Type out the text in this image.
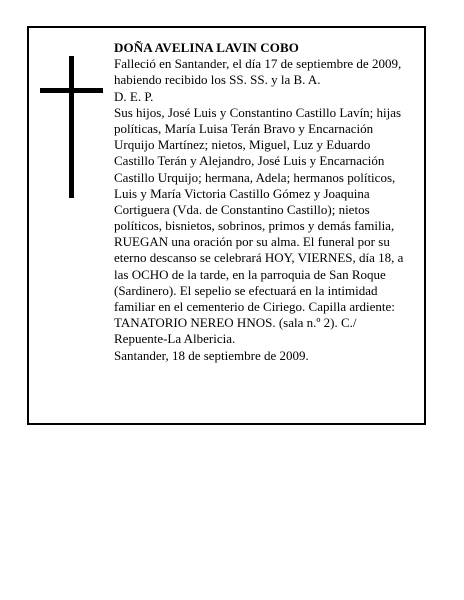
DOÑA AVELINA LAVIN COBO
Falleció en Santander, el día 17 de septiembre de 2009,
habiendo recibido los SS. SS. y la B. A.
D. E. P.
Sus hijos, José Luis y Constantino Castillo Lavín; hijas
políticas, María Luisa Terán Bravo y Encarnación
Urquijo Martínez; nietos, Miguel, Luz y Eduardo
Castillo Terán y Alejandro, José Luis y Encarnación
Castillo Urquijo; hermana, Adela; hermanos políticos,
Luis y María Victoria Castillo Gómez y Joaquina
Cortiguera (Vda. de Constantino Castillo); nietos
políticos, bisnietos, sobrinos, primos y demás familia,
RUEGAN una oración por su alma. El funeral por su
eterno descanso se celebrará HOY, VIERNES, día 18, a
las OCHO de la tarde, en la parroquia de San Roque
(Sardinero). El sepelio se efectuará en la intimidad
familiar en el cementerio de Ciriego. Capilla ardiente:
TANATORIO NEREO HNOS. (sala n.º 2). C./
Repuente-La Albericia.
Santander, 18 de septiembre de 2009.
